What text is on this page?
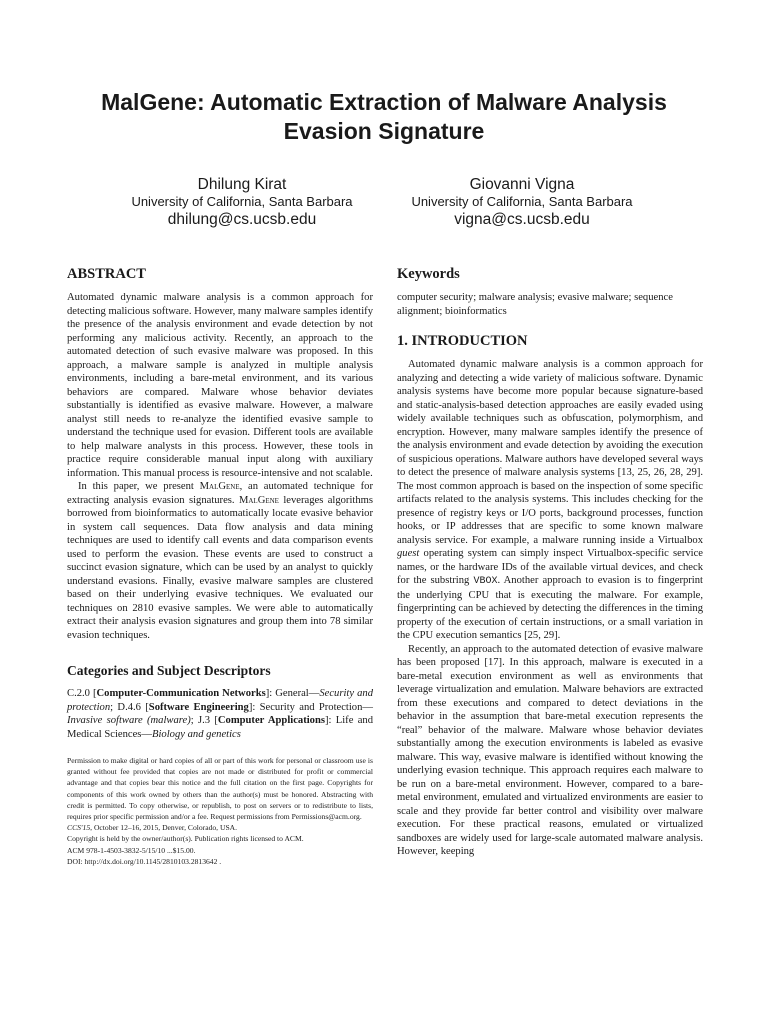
MalGene: Automatic Extraction of Malware Analysis
Evasion Signature
Dhilung Kirat
University of California, Santa Barbara
dhilung@cs.ucsb.edu
Giovanni Vigna
University of California, Santa Barbara
vigna@cs.ucsb.edu
ABSTRACT

Automated dynamic malware analysis is a common approach for detecting malicious software. However, many malware samples identify the presence of the analysis environment and evade detection by not performing any malicious activity. Recently, an approach to the automated detection of such evasive malware was proposed. In this approach, a malware sample is analyzed in multiple analysis environments, including a bare-metal environment, and its various behaviors are compared. Malware whose behavior deviates substantially is identified as evasive malware. However, a malware analyst still needs to re-analyze the identified evasive sample to understand the technique used for evasion. Different tools are available to help malware analysts in this process. However, these tools in practice require considerable manual input along with auxiliary information. This manual process is resource-intensive and not scalable.

In this paper, we present MalGene, an automated technique for extracting analysis evasion signatures. MalGene leverages algorithms borrowed from bioinformatics to automatically locate evasive behavior in system call sequences. Data flow analysis and data mining techniques are used to identify call events and data comparison events used to perform the evasion. These events are used to construct a succinct evasion signature, which can be used by an analyst to quickly understand evasions. Finally, evasive malware samples are clustered based on their underlying evasive techniques. We evaluated our techniques on 2810 evasive samples. We were able to automatically extract their analysis evasion signatures and group them into 78 similar evasion techniques.

Categories and Subject Descriptors

C.2.0 [Computer-Communication Networks]: General—Security and protection; D.4.6 [Software Engineering]: Security and Protection—Invasive software (malware); J.3 [Computer Applications]: Life and Medical Sciences—Biology and genetics

Permission to make digital or hard copies of all or part of this work for personal or classroom use is granted without fee provided that copies are not made or distributed for profit or commercial advantage and that copies bear this notice and the full citation on the first page. Copyrights for components of this work owned by others than the author(s) must be honored. Abstracting with credit is permitted. To copy otherwise, or republish, to post on servers or to redistribute to lists, requires prior specific permission and/or a fee. Request permissions from Permissions@acm.org.

CCS'15, October 12–16, 2015, Denver, Colorado, USA.

Copyright is held by the owner/author(s). Publication rights licensed to ACM.

ACM 978-1-4503-3832-5/15/10 ...$15.00.

DOI: http://dx.doi.org/10.1145/2810103.2813642 .

Keywords

computer security; malware analysis; evasive malware; sequence alignment; bioinformatics

1. INTRODUCTION

Automated dynamic malware analysis is a common approach for analyzing and detecting a wide variety of malicious software. Dynamic analysis systems have become more popular because signature-based and static-analysis-based detection approaches are easily evaded using widely available techniques such as obfuscation, polymorphism, and encryption. However, many malware samples identify the presence of the analysis environment and evade detection by avoiding the execution of suspicious operations. Malware authors have developed several ways to detect the presence of malware analysis systems [13, 25, 26, 28, 29]. The most common approach is based on the inspection of some specific artifacts related to the analysis systems. This includes checking for the presence of registry keys or I/O ports, background processes, function hooks, or IP addresses that are specific to some known malware analysis service. For example, a malware running inside a Virtualbox guest operating system can simply inspect Virtualbox-specific service names, or the hardware IDs of the available virtual devices, and check for the substring VBOX. Another approach to evasion is to fingerprint the underlying CPU that is executing the malware. For example, fingerprinting can be achieved by detecting the differences in the timing property of the execution of certain instructions, or a small variation in the CPU execution semantics [25, 29].

Recently, an approach to the automated detection of evasive malware has been proposed [17]. In this approach, malware is executed in a bare-metal execution environment as well as environments that leverage virtualization and emulation. Malware behaviors are extracted from these executions and compared to detect deviations in the behavior in the assumption that bare-metal execution represents the “real” behavior of the malware. Malware whose behavior deviates substantially among the execution environments is labeled as evasive malware. This way, evasive malware is identified without knowing the underlying evasion technique. This approach requires each malware to be run on a bare-metal environment. However, compared to a bare-metal environment, emulated and virtualized environments are easier to scale and they provide far better control and visibility over malware execution. For these practical reasons, emulated or virtualized sandboxes are widely used for large-scale automated malware analysis. However, keeping
